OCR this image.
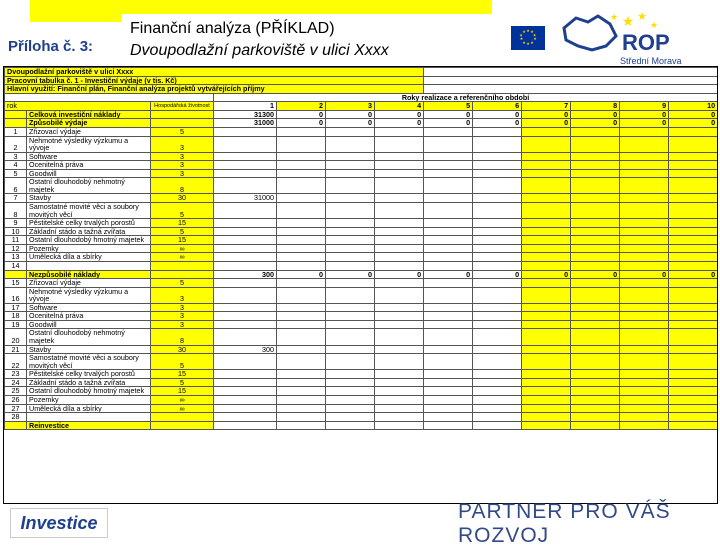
Příloha č. 3:
Finanční analýza (PŘÍKLAD)
Dvoupodlažní parkoviště v ulici Xxxx
★ ★
★
★
★
★
★
★
★
★
★ ★ ★
★
ROP
Střední Morava
Dvoupodlažní parkoviště v ulici Xxxx												
Pracovní tabulka č. 1 - Investiční výdaje (v tis. Kč)												
Hlavní využití: Finanční plán, Finanční analýza projektů vytvářejících příjmy												
			Roky realizace a referenčního období									
rok		Hospodářská životnost	1	2	3	4	5	6	7	8	9	10
	Celková investiční náklady		31300	0	0	0	0	0	0	0	0	0
	Způsobilé výdaje		31000	0	0	0	0	0	0	0	0	0
1	Zřizovací výdaje	5										
2	Nehmotné výsledky výzkumu a vývoje	3										
3	Software	3										
4	Ocenitelná práva	3										
5	Goodwill	3										
6	Ostatní dlouhodobý nehmotný majetek	8										
7	Stavby	30	31000									
8	Samostatné movité věci a soubory movitých věcí	5										
9	Pěstitelské celky trvalých porostů	15										
10	Základní stádo a tažná zvířata	5										
11	Ostatní dlouhodobý hmotný majetek	15										
12	Pozemky	∞										
13	Umělecká díla a sbírky	∞										
14												
	Nezpůsobilé náklady		300	0	0	0	0	0	0	0	0	0
15	Zřizovací výdaje	5										
16	Nehmotné výsledky výzkumu a vývoje	3										
17	Software	3										
18	Ocenitelná práva	3										
19	Goodwill	3										
20	Ostatní dlouhodobý nehmotný majetek	8										
21	Stavby	30	300									
22	Samostatné movité věci a soubory movitých věcí	5										
23	Pěstitelské celky trvalých porostů	15										
24	Základní stádo a tažná zvířata	5										
25	Ostatní dlouhodobý hmotný majetek	15										
26	Pozemky	∞										
27	Umělecká díla a sbírky	∞										
28												
	Reinvestice											
Investice	PARTNER PRO VÁŠ ROZVOJ
